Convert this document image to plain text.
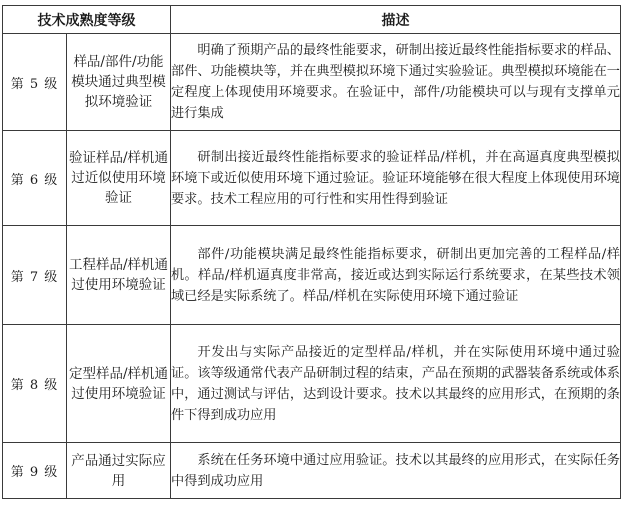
技术成熟度等级		描述
第 5 级	样品/部件/功能模块通过典型模拟环境验证	明确了预期产品的最终性能要求，研制出接近最终性能指标要求的样品、部件、功能模块等，并在典型模拟环境下通过实验验证。典型模拟环境能在一定程度上体现使用环境要求。在验证中，部件/功能模块可以与现有支撑单元进行集成
第 6 级	验证样品/样机通过近似使用环境验证	研制出接近最终性能指标要求的验证样品/样机，并在高逼真度典型模拟环境下或近似使用环境下通过验证。验证环境能够在很大程度上体现使用环境要求。技术工程应用的可行性和实用性得到验证
第 7 级	工程样品/样机通过使用环境验证	部件/功能模块满足最终性能指标要求，研制出更加完善的工程样品/样机。样品/样机逼真度非常高，接近或达到实际运行系统要求，在某些技术领域已经是实际系统了。样品/样机在实际使用环境下通过验证
第 8 级	定型样品/样机通过使用环境验证	开发出与实际产品接近的定型样品/样机，并在实际使用环境中通过验证。该等级通常代表产品研制过程的结束，产品在预期的武器装备系统或体系中，通过测试与评估，达到设计要求。技术以其最终的应用形式，在预期的条件下得到成功应用
第 9 级	产品通过实际应用	系统在任务环境中通过应用验证。技术以其最终的应用形式，在实际任务中得到成功应用
